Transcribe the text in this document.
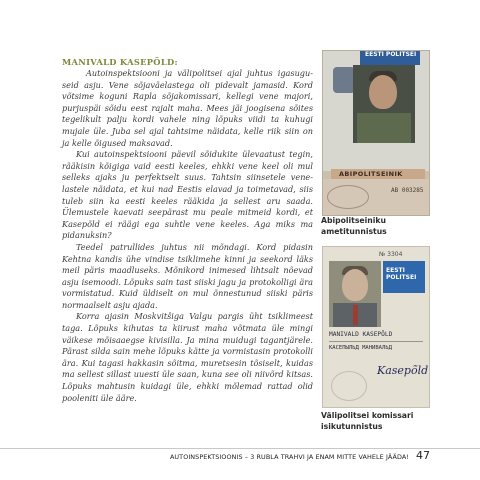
MANIVALD KASEPÕLD:

Autoinspektsiooni ja välipolitsei ajal juhtus igasuguseid asju. Vene sõjaväelastega oli pidevalt jamasid. Kord võtsime koguni Rapla sõjakomissari, kellegi vene majori, purjuspäi sõidu eest rajalt maha. Mees jäi joogisena sõites tegelikult palju kordi vahele ning lõpuks viidi ta kuhugi mujale üle. Juba sel ajal tahtsime näidata, kelle riik siin on ja kelle õigused maksavad.

Kui autoinspektsiooni päevil sõidukite ülevaatust tegin, rääkisin kõigiga vaid eesti keeles, ehkki vene keel oli mul selleks ajaks ju perfektselt suus. Tahtsin siinsetele venelastele näidata, et kui nad Eestis elavad ja toimetavad, siis tuleb siin ka eesti keeles rääkida ja sellest aru saada. Ülemustele kaevati seepärast mu peale mitmeid kordi, et Kasepõld ei räägi ega suhtle vene keeles. Aga miks ma pidanuksin?

Teedel patrullides juhtus nii mõndagi. Kord pidasin Kehtna kandis ühe vindise tsiklimehe kinni ja seekord läks meil päris maadluseks. Mõnikord inimesed lihtsalt nõevad asju isemoodi. Lõpuks sain tast siiski jagu ja protokolligi ära vormistatud. Kuid üldiselt on mul õnnestunud siiski päris normaalselt asju ajada.

Korra ajasin Moskvitšiga Valgu pargis üht tsiklimeest taga. Lõpuks kihutas ta kiirust maha võtmata üle mingi väikese mõisaaegse kivisilla. Ja mina muidugi tagantjärele. Pärast silda sain mehe lõpuks kätte ja vormistasin protokolli ära. Kui tagasi hakkasin sõitma, muretsesin tõsiselt, kuidas ma sellest sillast uuesti üle saan, kuna see oli niivõrd kitsas. Lõpuks mahtusin kuidagi üle, ehkki mõlemad rattad olid pooleniti üle ääre.

EESTI POLITSEI
ABIPOLITSEINIK
AB 003285
Abipolitseiniku
ametitunnistus
№ 3304
EESTI POLITSEI
MANIVALD KASEPÕLD
КАСЕПЫЛЬД МАНИВАЛЬД
Kasepõld
Välipolitsei komissari
isikutunnistus
AUTOINSPEKTSIOONIS – 3 RUBLA TRAHVI JA ENAM MITTE VAHELE JÄÄDA! 47
